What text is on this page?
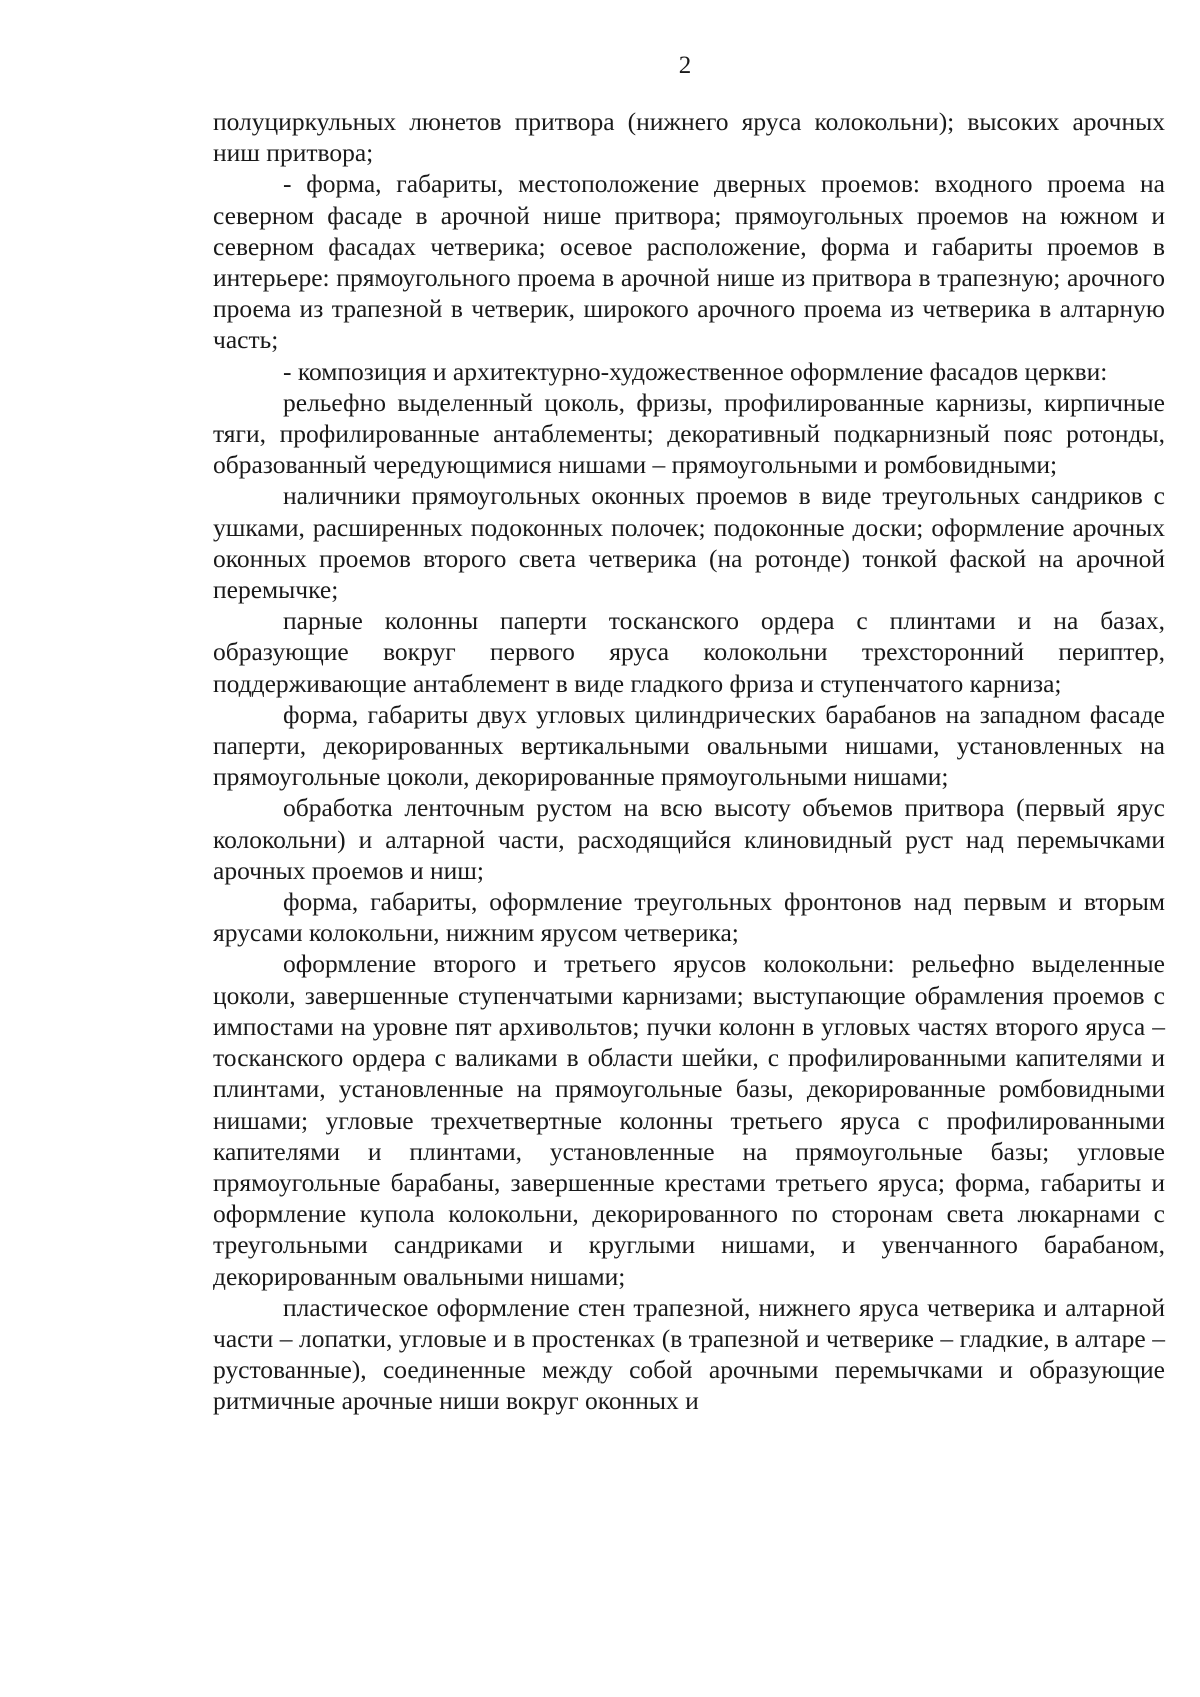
2

полуциркульных люнетов притвора (нижнего яруса колокольни); высоких арочных ниш притвора;

- форма, габариты, местоположение дверных проемов: входного проема на северном фасаде в арочной нише притвора; прямоугольных проемов на южном и северном фасадах четверика; осевое расположение, форма и габариты проемов в интерьере: прямоугольного проема в арочной нише из притвора в трапезную; арочного проема из трапезной в четверик, широкого арочного проема из четверика в алтарную часть;

- композиция и архитектурно-художественное оформление фасадов церкви:

рельефно выделенный цоколь, фризы, профилированные карнизы, кирпичные тяги, профилированные антаблементы; декоративный подкарнизный пояс ротонды, образованный чередующимися нишами – прямоугольными и ромбовидными;

наличники прямоугольных оконных проемов в виде треугольных сандриков с ушками, расширенных подоконных полочек; подоконные доски; оформление арочных оконных проемов второго света четверика (на ротонде) тонкой фаской на арочной перемычке;

парные колонны паперти тосканского ордера с плинтами и на базах, образующие вокруг первого яруса колокольни трехсторонний периптер, поддерживающие антаблемент в виде гладкого фриза и ступенчатого карниза;

форма, габариты двух угловых цилиндрических барабанов на западном фасаде паперти, декорированных вертикальными овальными нишами, установленных на прямоугольные цоколи, декорированные прямоугольными нишами;

обработка ленточным рустом на всю высоту объемов притвора (первый ярус колокольни) и алтарной части, расходящийся клиновидный руст над перемычками арочных проемов и ниш;

форма, габариты, оформление треугольных фронтонов над первым и вторым ярусами колокольни, нижним ярусом четверика;

оформление второго и третьего ярусов колокольни: рельефно выделенные цоколи, завершенные ступенчатыми карнизами; выступающие обрамления проемов с импостами на уровне пят архивольтов; пучки колонн в угловых частях второго яруса – тосканского ордера с валиками в области шейки, с профилированными капителями и плинтами, установленные на прямоугольные базы, декорированные ромбовидными нишами; угловые трехчетвертные колонны третьего яруса с профилированными капителями и плинтами, установленные на прямоугольные базы; угловые прямоугольные барабаны, завершенные крестами третьего яруса; форма, габариты и оформление купола колокольни, декорированного по сторонам света люкарнами с треугольными сандриками и круглыми нишами, и увенчанного барабаном, декорированным овальными нишами;

пластическое оформление стен трапезной, нижнего яруса четверика и алтарной части – лопатки, угловые и в простенках (в трапезной и четверике – гладкие, в алтаре – рустованные), соединенные между собой арочными перемычками и образующие ритмичные арочные ниши вокруг оконных и
